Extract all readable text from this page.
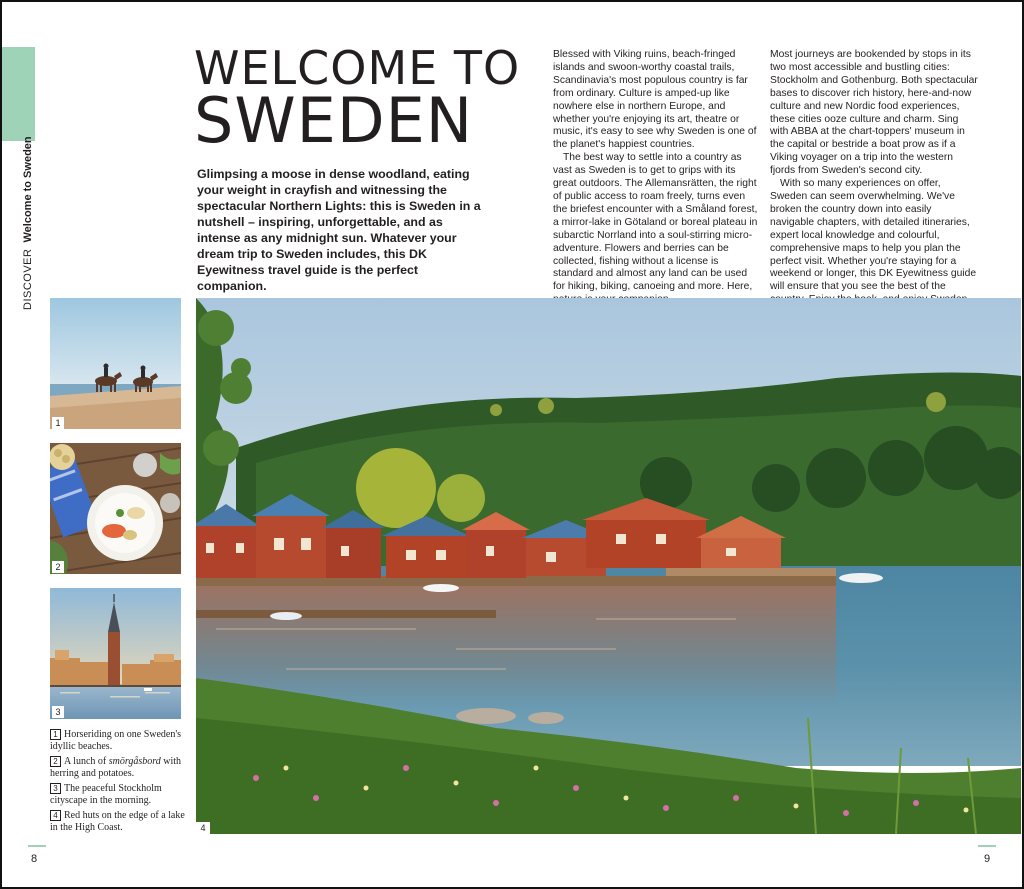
DISCOVERWelcome to Sweden
WELCOME TO
SWEDEN
Glimpsing a moose in dense woodland, eating your weight in crayfish and witnessing the spectacular Northern Lights: this is Sweden in a nutshell – inspiring, unforgettable, and as intense as any midnight sun. Whatever your dream trip to Sweden includes, this DK Eyewitness travel guide is the perfect companion.

Blessed with Viking ruins, beach-fringed islands and swoon-worthy coastal trails, Scandinavia's most populous country is far from ordinary. Culture is amped-up like nowhere else in northern Europe, and whether you're enjoying its art, theatre or music, it's easy to see why Sweden is one of the planet's happiest countries.

The best way to settle into a country as vast as Sweden is to get to grips with its great outdoors. The Allemansrätten, the right of public access to roam freely, turns even the briefest encounter with a Småland forest, a mirror-lake in Götaland or boreal plateau in subarctic Norrland into a soul-stirring micro-adventure. Flowers and berries can be collected, fishing without a license is standard and almost any land can be used for hiking, biking, canoeing and more. Here,

Most journeys are bookended by stops in its two most accessible and bustling cities: Stockholm and Gothenburg. Both spectacular bases to discover rich history, here-and-now culture and new Nordic food experiences, these cities ooze culture and charm. Sing with ABBA at the chart-toppers' museum in the capital or bestride a boat prow as if a Viking voyager on a trip into the western fjords from Sweden's second city.

With so many experiences on offer, Sweden can seem overwhelming. We've broken the country down into easily navigable chapters, with detailed itineraries, expert local knowledge and colourful, comprehensive maps to help you plan the perfect visit. Whether you're staying for a weekend or longer, this DK Eyewitness guide will ensure that you see the best of the

1
2
3
1 Horseriding on one Sweden's idyllic beaches.
2 A lunch of smörgåsbord with herring and potatoes.
3 The peaceful Stockholm cityscape in the morning.
4 Red huts on the edge of a lake in the High Coast.	4
8	9
